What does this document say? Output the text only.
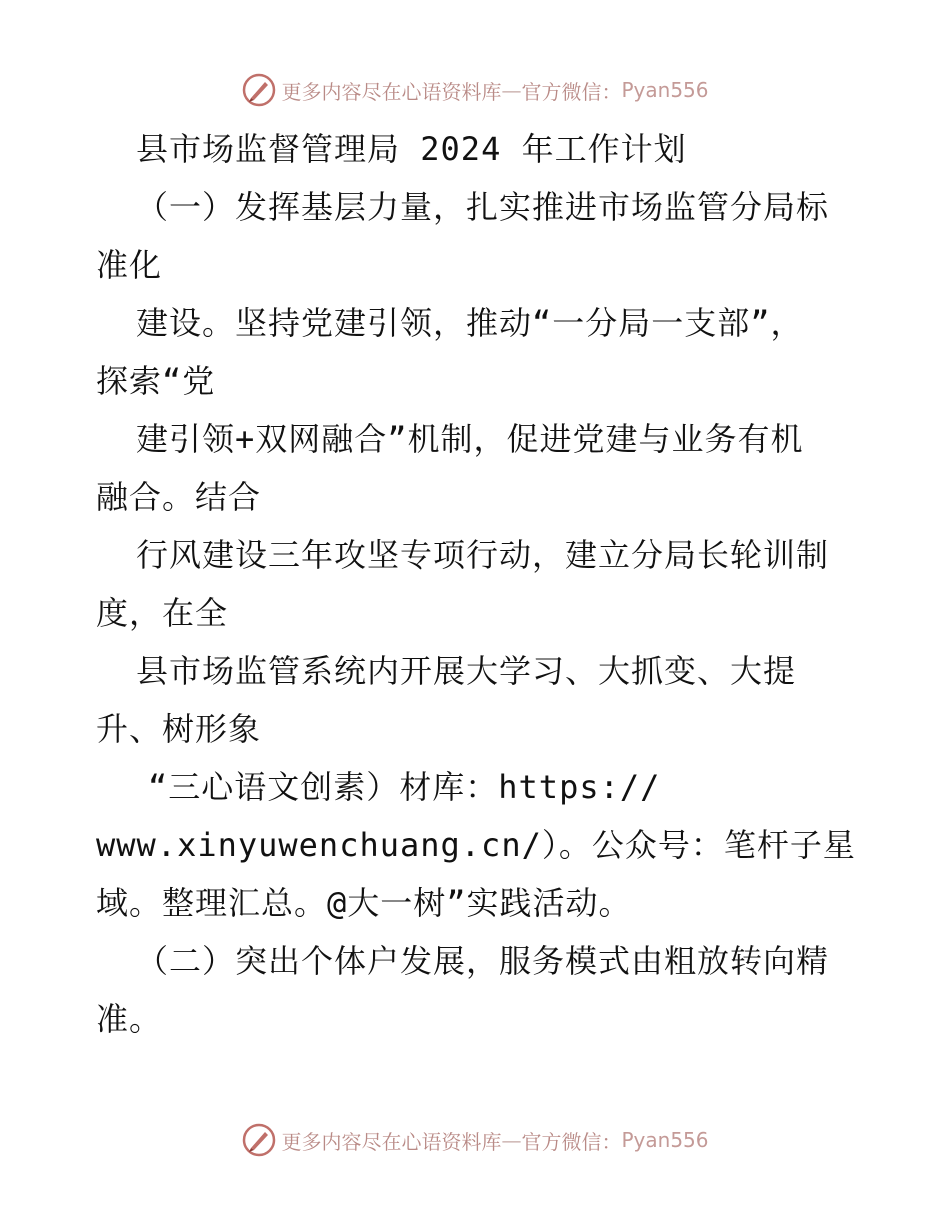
更多内容尽在心语资料库 — 官方微信： Pyan556
县市场监督管理局 2024 年工作计划
（一）发挥基层力量，扎实推进市场监管分局标
准化
建设。坚持党建引领，推动“一分局一支部”，
探索“党
建引领+双网融合”机制，促进党建与业务有机
融合。结合
行风建设三年攻坚专项行动，建立分局长轮训制
度，在全
县市场监管系统内开展大学习、大抓变、大提
升、树形象
“三心语文创素）材库：https://
www.xinyuwenchuang.cn/）。公众号：笔杆子星
域。整理汇总。@大一树”实践活动。
（二）突出个体户发展，服务模式由粗放转向精
准。
更多内容尽在心语资料库 — 官方微信： Pyan556
